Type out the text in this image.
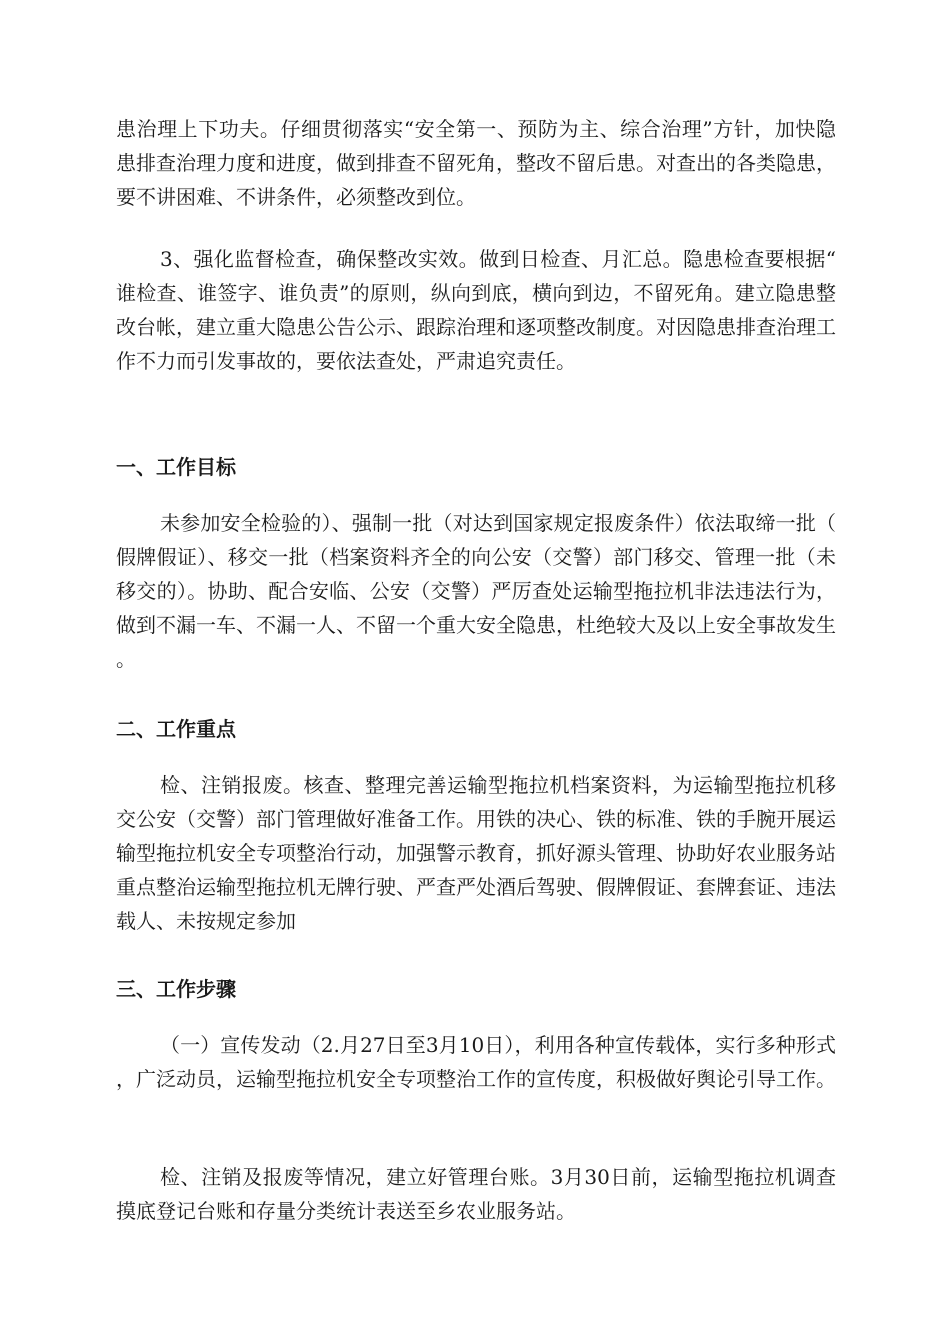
患治理上下功夫。仔细贯彻落实“安全第一、预防为主、综合治理”方针，加快隐患排查治理力度和进度，做到排查不留死角，整改不留后患。对查出的各类隐患，要不讲困难、不讲条件，必须整改到位。

3、强化监督检查，确保整改实效。做到日检查、月汇总。隐患检查要根据“谁检查、谁签字、谁负责”的原则，纵向到底，横向到边，不留死角。建立隐患整改台帐，建立重大隐患公告公示、跟踪治理和逐项整改制度。对因隐患排查治理工作不力而引发事故的，要依法查处，严肃追究责任。

一、工作目标

未参加安全检验的）、强制一批（对达到国家规定报废条件）依法取缔一批（假牌假证）、移交一批（档案资料齐全的向公安（交警）部门移交、管理一批（未移交的）。协助、配合安临、公安（交警）严厉查处运输型拖拉机非法违法行为，做到不漏一车、不漏一人、不留一个重大安全隐患，杜绝较大及以上安全事故发生。

二、工作重点

检、注销报废。核查、整理完善运输型拖拉机档案资料，为运输型拖拉机移交公安（交警）部门管理做好准备工作。用铁的决心、铁的标准、铁的手腕开展运输型拖拉机安全专项整治行动，加强警示教育，抓好源头管理、协助好农业服务站重点整治运输型拖拉机无牌行驶、严查严处酒后驾驶、假牌假证、套牌套证、违法载人、未按规定参加

三、工作步骤

（一）宣传发动（2.月27日至3月10日），利用各种宣传载体，实行多种形式，广泛动员，运输型拖拉机安全专项整治工作的宣传度，积极做好舆论引导工作。

检、注销及报废等情况，建立好管理台账。3月30日前，运输型拖拉机调查摸底登记台账和存量分类统计表送至乡农业服务站。
